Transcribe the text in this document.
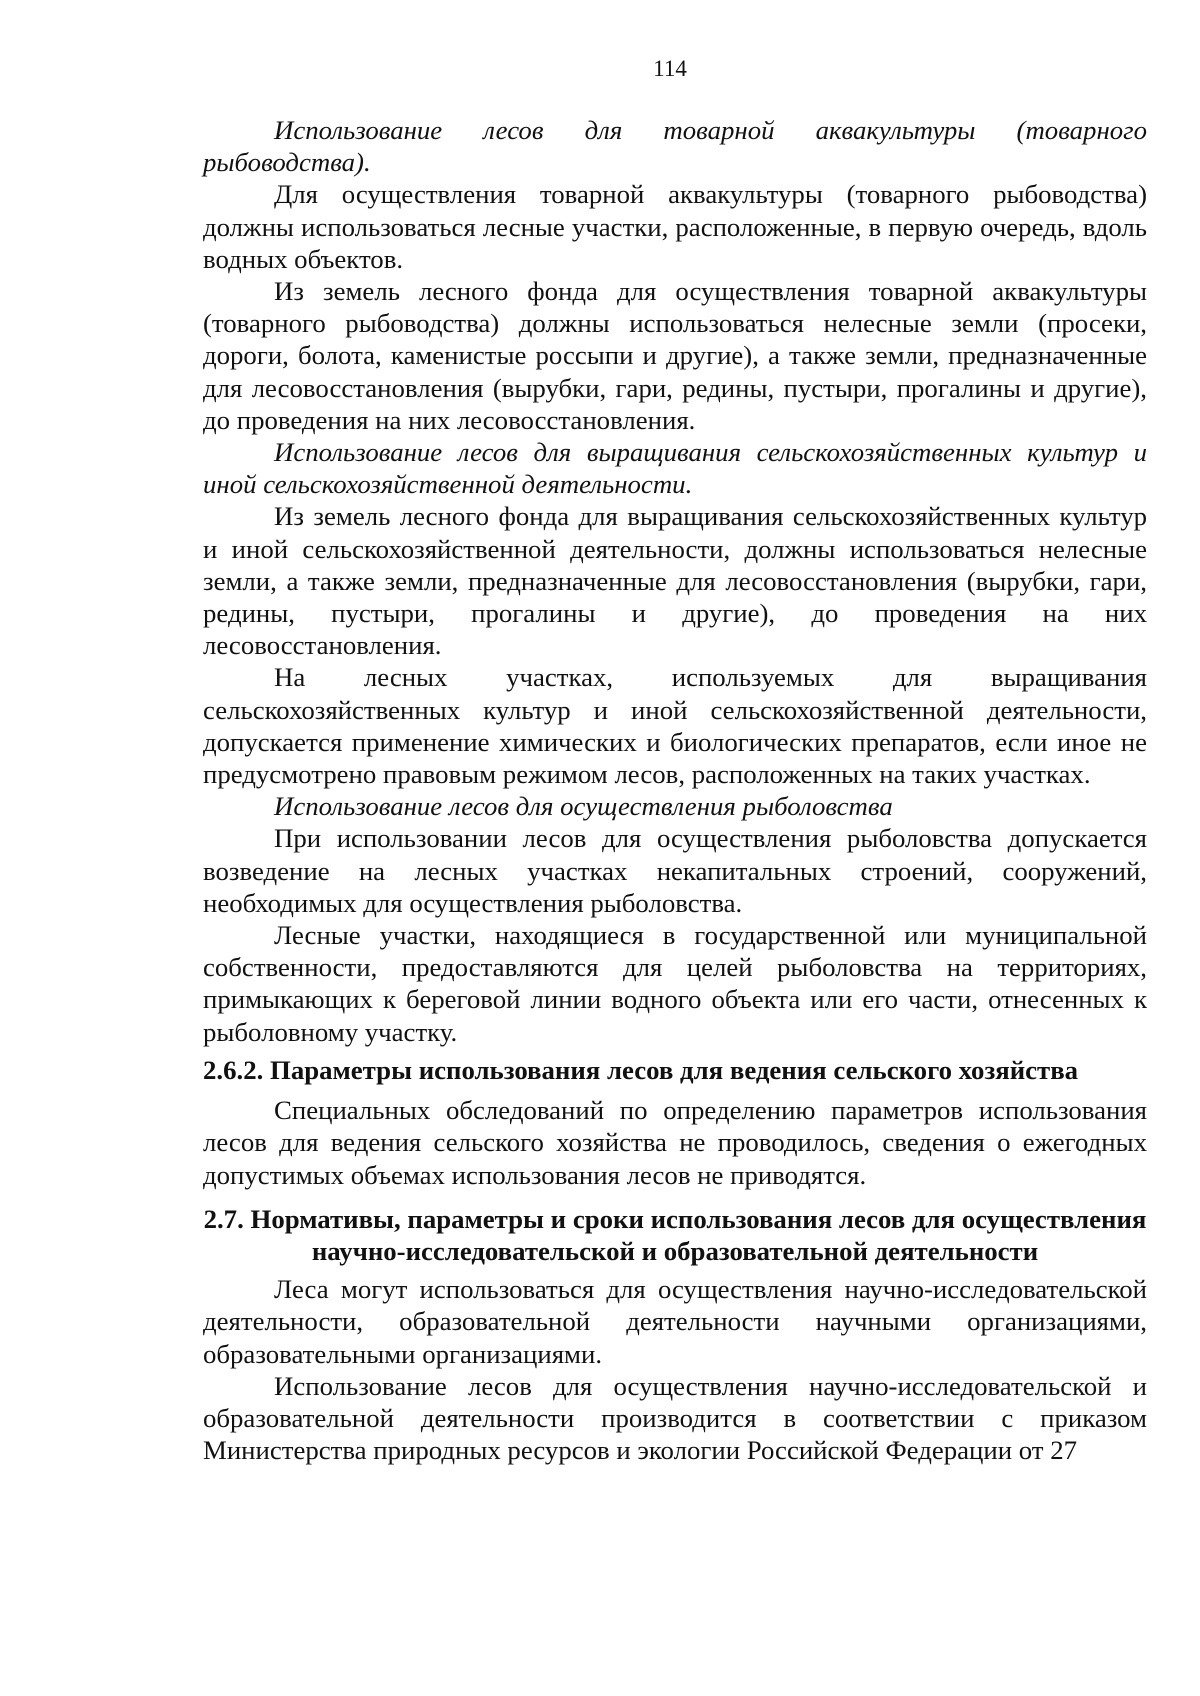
114

Использование лесов для товарной аквакультуры (товарного рыбоводства).

Для осуществления товарной аквакультуры (товарного рыбоводства) должны использоваться лесные участки, расположенные, в первую очередь, вдоль водных объектов.

Из земель лесного фонда для осуществления товарной аквакультуры (товарного рыбоводства) должны использоваться нелесные земли (просеки, дороги, болота, каменистые россыпи и другие), а также земли, предназначенные для лесовосстановления (вырубки, гари, редины, пустыри, прогалины и другие), до проведения на них лесовосстановления.

Использование лесов для выращивания сельскохозяйственных культур и иной сельскохозяйственной деятельности.

Из земель лесного фонда для выращивания сельскохозяйственных культур и иной сельскохозяйственной деятельности, должны использоваться нелесные земли, а также земли, предназначенные для лесовосстановления (вырубки, гари, редины, пустыри, прогалины и другие), до проведения на них лесовосстановления.

На лесных участках, используемых для выращивания сельскохозяйственных культур и иной сельскохозяйственной деятельности, допускается применение химических и биологических препаратов, если иное не предусмотрено правовым режимом лесов, расположенных на таких участках.

Использование лесов для осуществления рыболовства

При использовании лесов для осуществления рыболовства допускается возведение на лесных участках некапитальных строений, сооружений, необходимых для осуществления рыболовства.

Лесные участки, находящиеся в государственной или муниципальной собственности, предоставляются для целей рыболовства на территориях, примыкающих к береговой линии водного объекта или его части, отнесенных к рыболовному участку.

2.6.2. Параметры использования лесов для ведения сельского хозяйства

Специальных обследований по определению параметров использования лесов для ведения сельского хозяйства не проводилось, сведения о ежегодных допустимых объемах использования лесов не приводятся.

2.7. Нормативы, параметры и сроки использования лесов для осуществления научно-исследовательской и образовательной деятельности

Леса могут использоваться для осуществления научно-исследовательской деятельности, образовательной деятельности научными организациями, образовательными организациями.

Использование лесов для осуществления научно-исследовательской и образовательной деятельности производится в соответствии с приказом Министерства природных ресурсов и экологии Российской Федерации от 27
